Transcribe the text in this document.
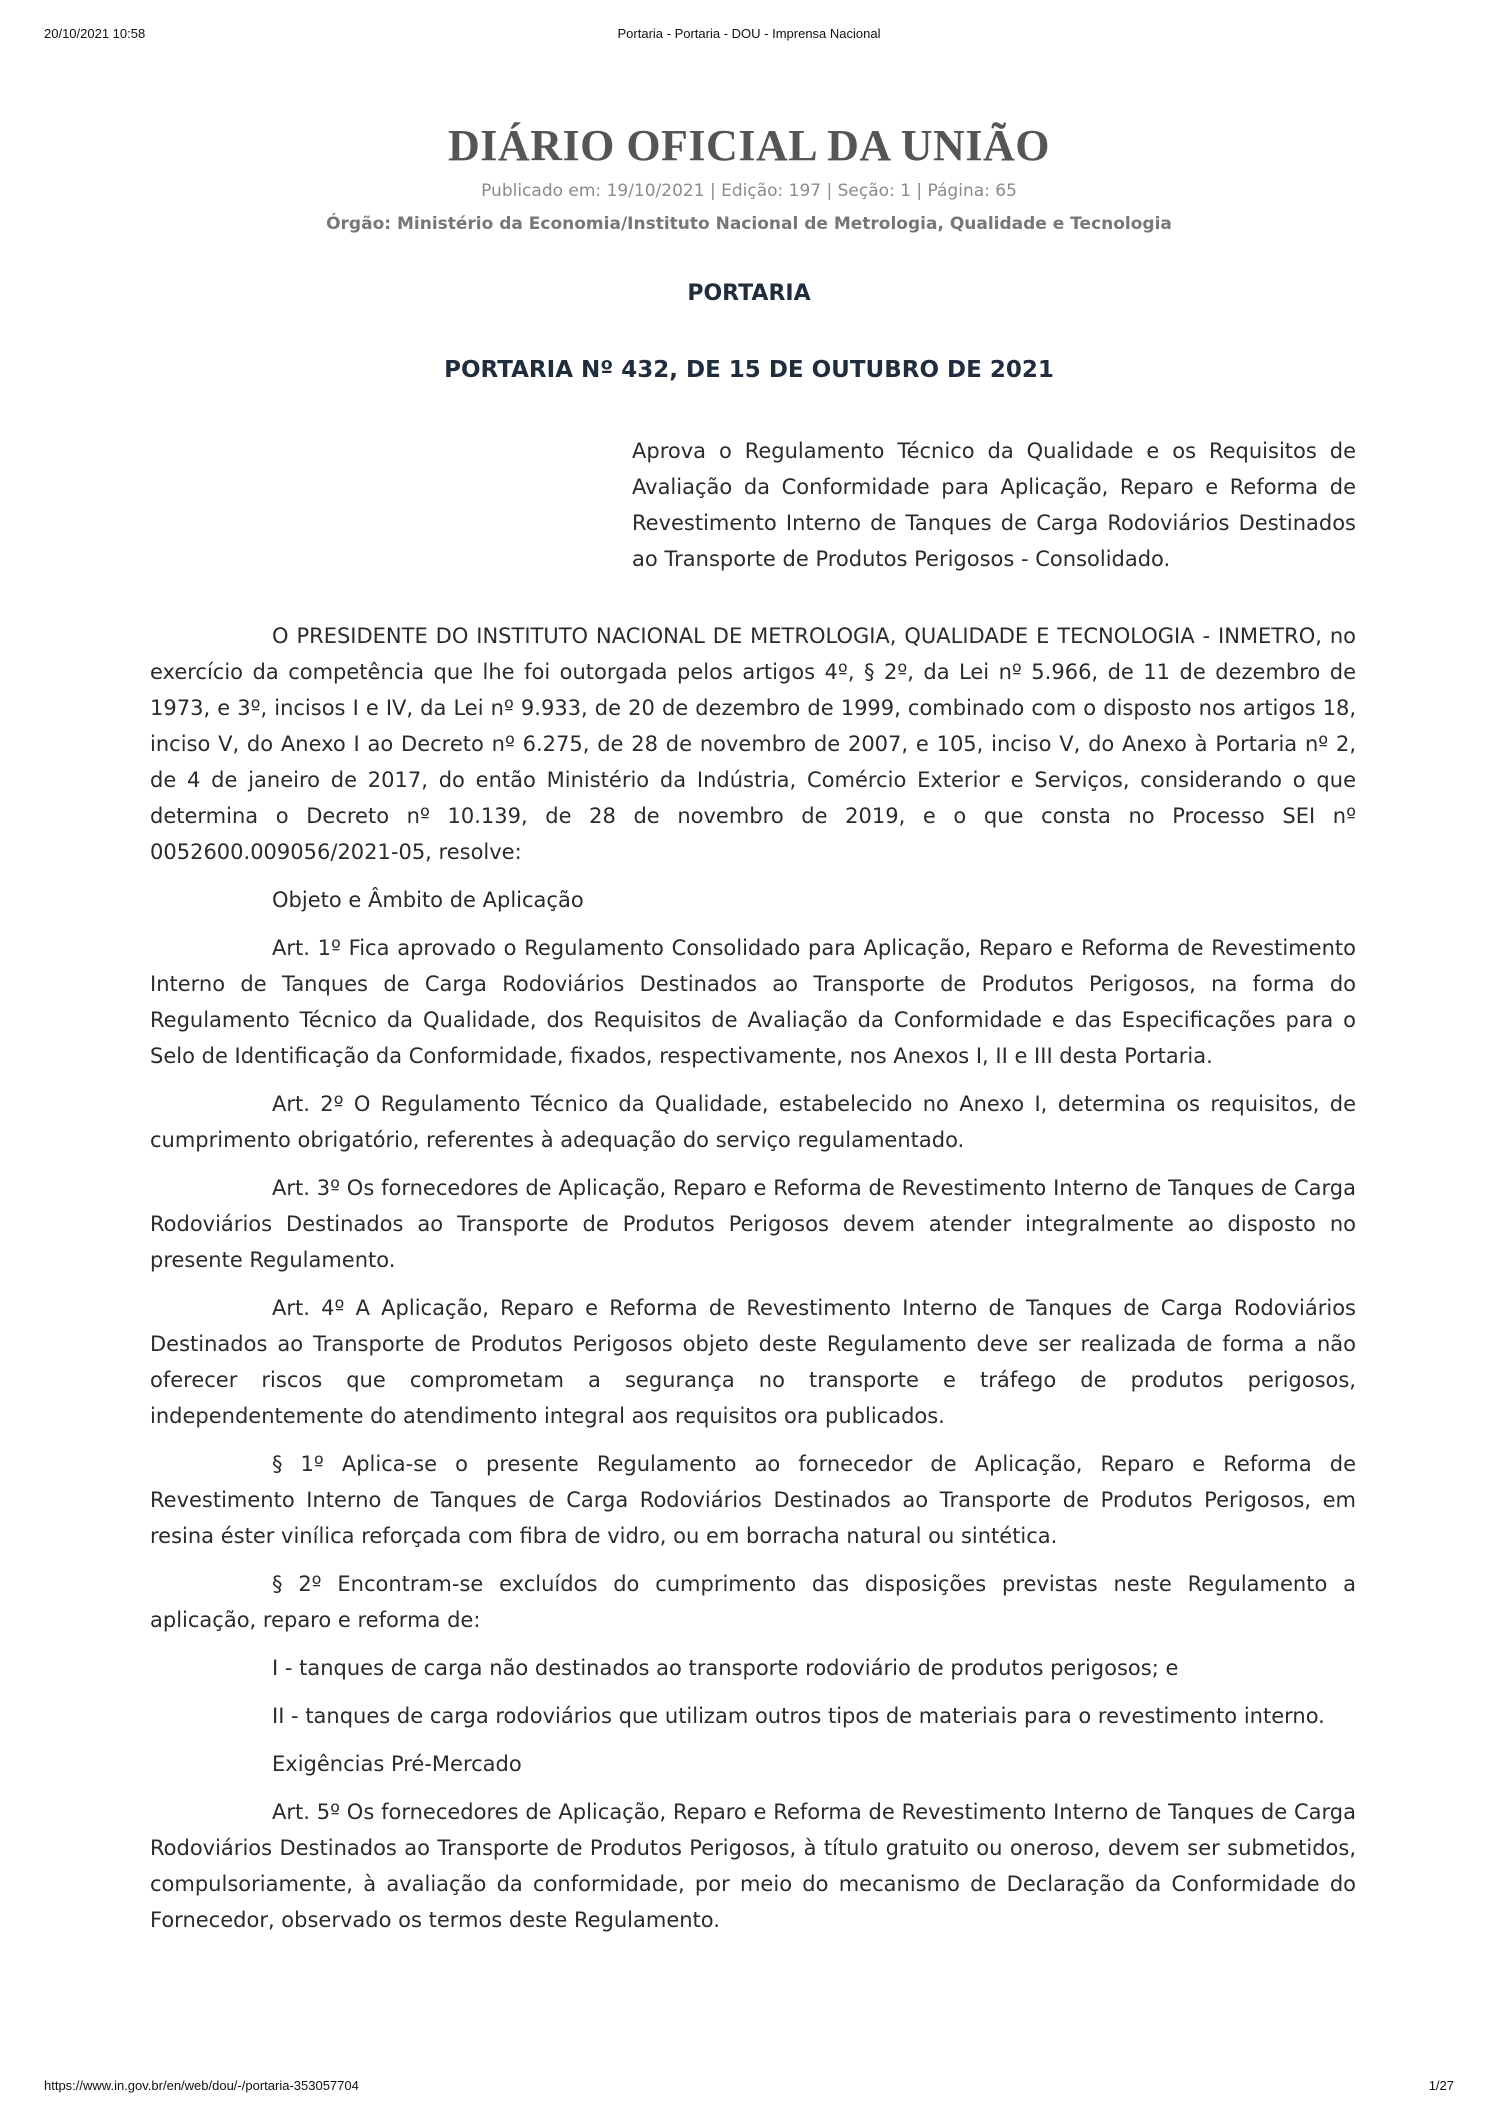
20/10/2021 10:58	Portaria - Portaria - DOU - Imprensa Nacional
DIÁRIO OFICIAL DA UNIÃO
Publicado em: 19/10/2021 | Edição: 197 | Seção: 1 | Página: 65
Órgão: Ministério da Economia/Instituto Nacional de Metrologia, Qualidade e Tecnologia
PORTARIA
PORTARIA Nº 432, DE 15 DE OUTUBRO DE 2021
Aprova o Regulamento Técnico da Qualidade e os Requisitos de Avaliação da Conformidade para Aplicação, Reparo e Reforma de Revestimento Interno de Tanques de Carga Rodoviários Destinados ao Transporte de Produtos Perigosos - Consolidado.

O PRESIDENTE DO INSTITUTO NACIONAL DE METROLOGIA, QUALIDADE E TECNOLOGIA - INMETRO, no exercício da competência que lhe foi outorgada pelos artigos 4º, § 2º, da Lei nº 5.966, de 11 de dezembro de 1973, e 3º, incisos I e IV, da Lei nº 9.933, de 20 de dezembro de 1999, combinado com o disposto nos artigos 18, inciso V, do Anexo I ao Decreto nº 6.275, de 28 de novembro de 2007, e 105, inciso V, do Anexo à Portaria nº 2, de 4 de janeiro de 2017, do então Ministério da Indústria, Comércio Exterior e Serviços, considerando o que determina o Decreto nº 10.139, de 28 de novembro de 2019, e o que consta no Processo SEI nº 0052600.009056/2021-05, resolve:

Objeto e Âmbito de Aplicação

Art. 1º Fica aprovado o Regulamento Consolidado para Aplicação, Reparo e Reforma de Revestimento Interno de Tanques de Carga Rodoviários Destinados ao Transporte de Produtos Perigosos, na forma do Regulamento Técnico da Qualidade, dos Requisitos de Avaliação da Conformidade e das Especificações para o Selo de Identificação da Conformidade, fixados, respectivamente, nos Anexos I, II e III desta Portaria.

Art. 2º O Regulamento Técnico da Qualidade, estabelecido no Anexo I, determina os requisitos, de cumprimento obrigatório, referentes à adequação do serviço regulamentado.

Art. 3º Os fornecedores de Aplicação, Reparo e Reforma de Revestimento Interno de Tanques de Carga Rodoviários Destinados ao Transporte de Produtos Perigosos devem atender integralmente ao disposto no presente Regulamento.

Art. 4º A Aplicação, Reparo e Reforma de Revestimento Interno de Tanques de Carga Rodoviários Destinados ao Transporte de Produtos Perigosos objeto deste Regulamento deve ser realizada de forma a não oferecer riscos que comprometam a segurança no transporte e tráfego de produtos perigosos, independentemente do atendimento integral aos requisitos ora publicados.

§ 1º Aplica-se o presente Regulamento ao fornecedor de Aplicação, Reparo e Reforma de Revestimento Interno de Tanques de Carga Rodoviários Destinados ao Transporte de Produtos Perigosos, em resina éster vinílica reforçada com fibra de vidro, ou em borracha natural ou sintética.

§ 2º Encontram-se excluídos do cumprimento das disposições previstas neste Regulamento a aplicação, reparo e reforma de:

I - tanques de carga não destinados ao transporte rodoviário de produtos perigosos; e

II - tanques de carga rodoviários que utilizam outros tipos de materiais para o revestimento interno.

Exigências Pré-Mercado

Art. 5º Os fornecedores de Aplicação, Reparo e Reforma de Revestimento Interno de Tanques de Carga Rodoviários Destinados ao Transporte de Produtos Perigosos, à título gratuito ou oneroso, devem ser submetidos, compulsoriamente, à avaliação da conformidade, por meio do mecanismo de Declaração da Conformidade do Fornecedor, observado os termos deste Regulamento.

https://www.in.gov.br/en/web/dou/-/portaria-353057704	1/27
